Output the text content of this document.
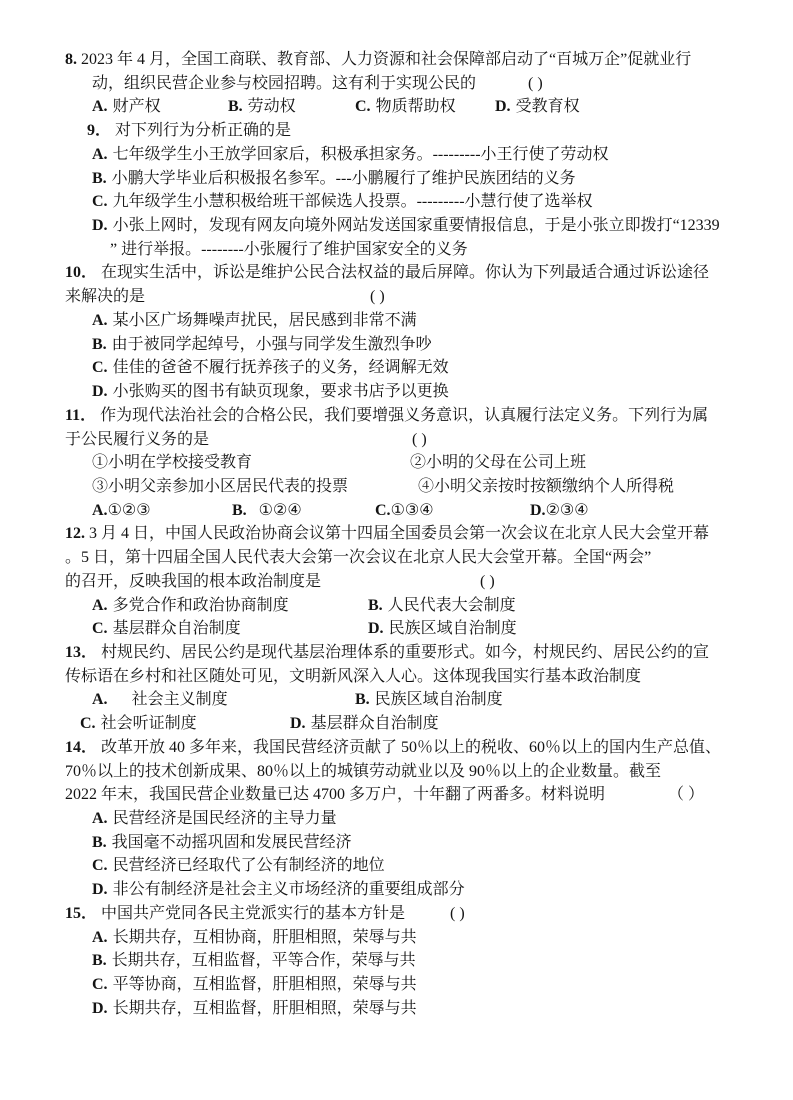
8. 2023 年 4 月，全国工商联、教育部、人力资源和社会保障部启动了“百城万企”促就业行
动，组织民营企业参与校园招聘。这有利于实现公民的	( )
A. 财产权	B. 劳动权	C. 物质帮助权 D. 受教育权
9． 对下列行为分析正确的是
A. 七年级学生小王放学回家后，积极承担家务。---------小王行使了劳动权
B. 小鹏大学毕业后积极报名参军。---小鹏履行了维护民族团结的义务
C. 九年级学生小慧积极给班干部候选人投票。---------小慧行使了选举权
D. 小张上网时，发现有网友向境外网站发送国家重要情报信息，于是小张立即拨打“12339
” 进行举报。--------小张履行了维护国家安全的义务
10． 在现实生活中，诉讼是维护公民合法权益的最后屏障。你认为下列最适合通过诉讼途径
来解决的是	( )
A. 某小区广场舞噪声扰民，居民感到非常不满
B. 由于被同学起绰号，小强与同学发生激烈争吵
C. 佳佳的爸爸不履行抚养孩子的义务，经调解无效
D. 小张购买的图书有缺页现象，要求书店予以更换
11． 作为现代法治社会的合格公民，我们要增强义务意识，认真履行法定义务。下列行为属
于公民履行义务的是	( )
①小明在学校接受教育	②小明的父母在公司上班
③小明父亲参加小区居民代表的投票	④小明父亲按时按额缴纳个人所得税
A.①②③	B. ①②④	C.①③④	D.②③④
12. 3 月 4 日，中国人民政治协商会议第十四届全国委员会第一次会议在北京人民大会堂开幕
。5 日，第十四届全国人民代表大会第一次会议在北京人民大会堂开幕。全国“两会”
的召开，反映我国的根本政治制度是	( )
A. 多党合作和政治协商制度	B. 人民代表大会制度
C. 基层群众自治制度	D. 民族区域自治制度
13． 村规民约、居民公约是现代基层治理体系的重要形式。如今，村规民约、居民公约的宣
传标语在乡村和社区随处可见，文明新风深入人心。这体现我国实行基本政治制度
A. 社会主义制度	B. 民族区域自治制度
C. 社会听证制度	D. 基层群众自治制度
14． 改革开放 40 多年来，我国民营经济贡献了 50％以上的税收、60％以上的国内生产总值、
70％以上的技术创新成果、80％以上的城镇劳动就业以及 90％以上的企业数量。截至
2022 年末，我国民营企业数量已达 4700 多万户，十年翻了两番多。材料说明	（ ）
A. 民营经济是国民经济的主导力量
B. 我国毫不动摇巩固和发展民营经济
C. 民营经济已经取代了公有制经济的地位
D. 非公有制经济是社会主义市场经济的重要组成部分
15． 中国共产党同各民主党派实行的基本方针是	( )
A. 长期共存，互相协商，肝胆相照，荣辱与共
B. 长期共存，互相监督，平等合作，荣辱与共
C. 平等协商，互相监督，肝胆相照，荣辱与共
D. 长期共存，互相监督，肝胆相照，荣辱与共
